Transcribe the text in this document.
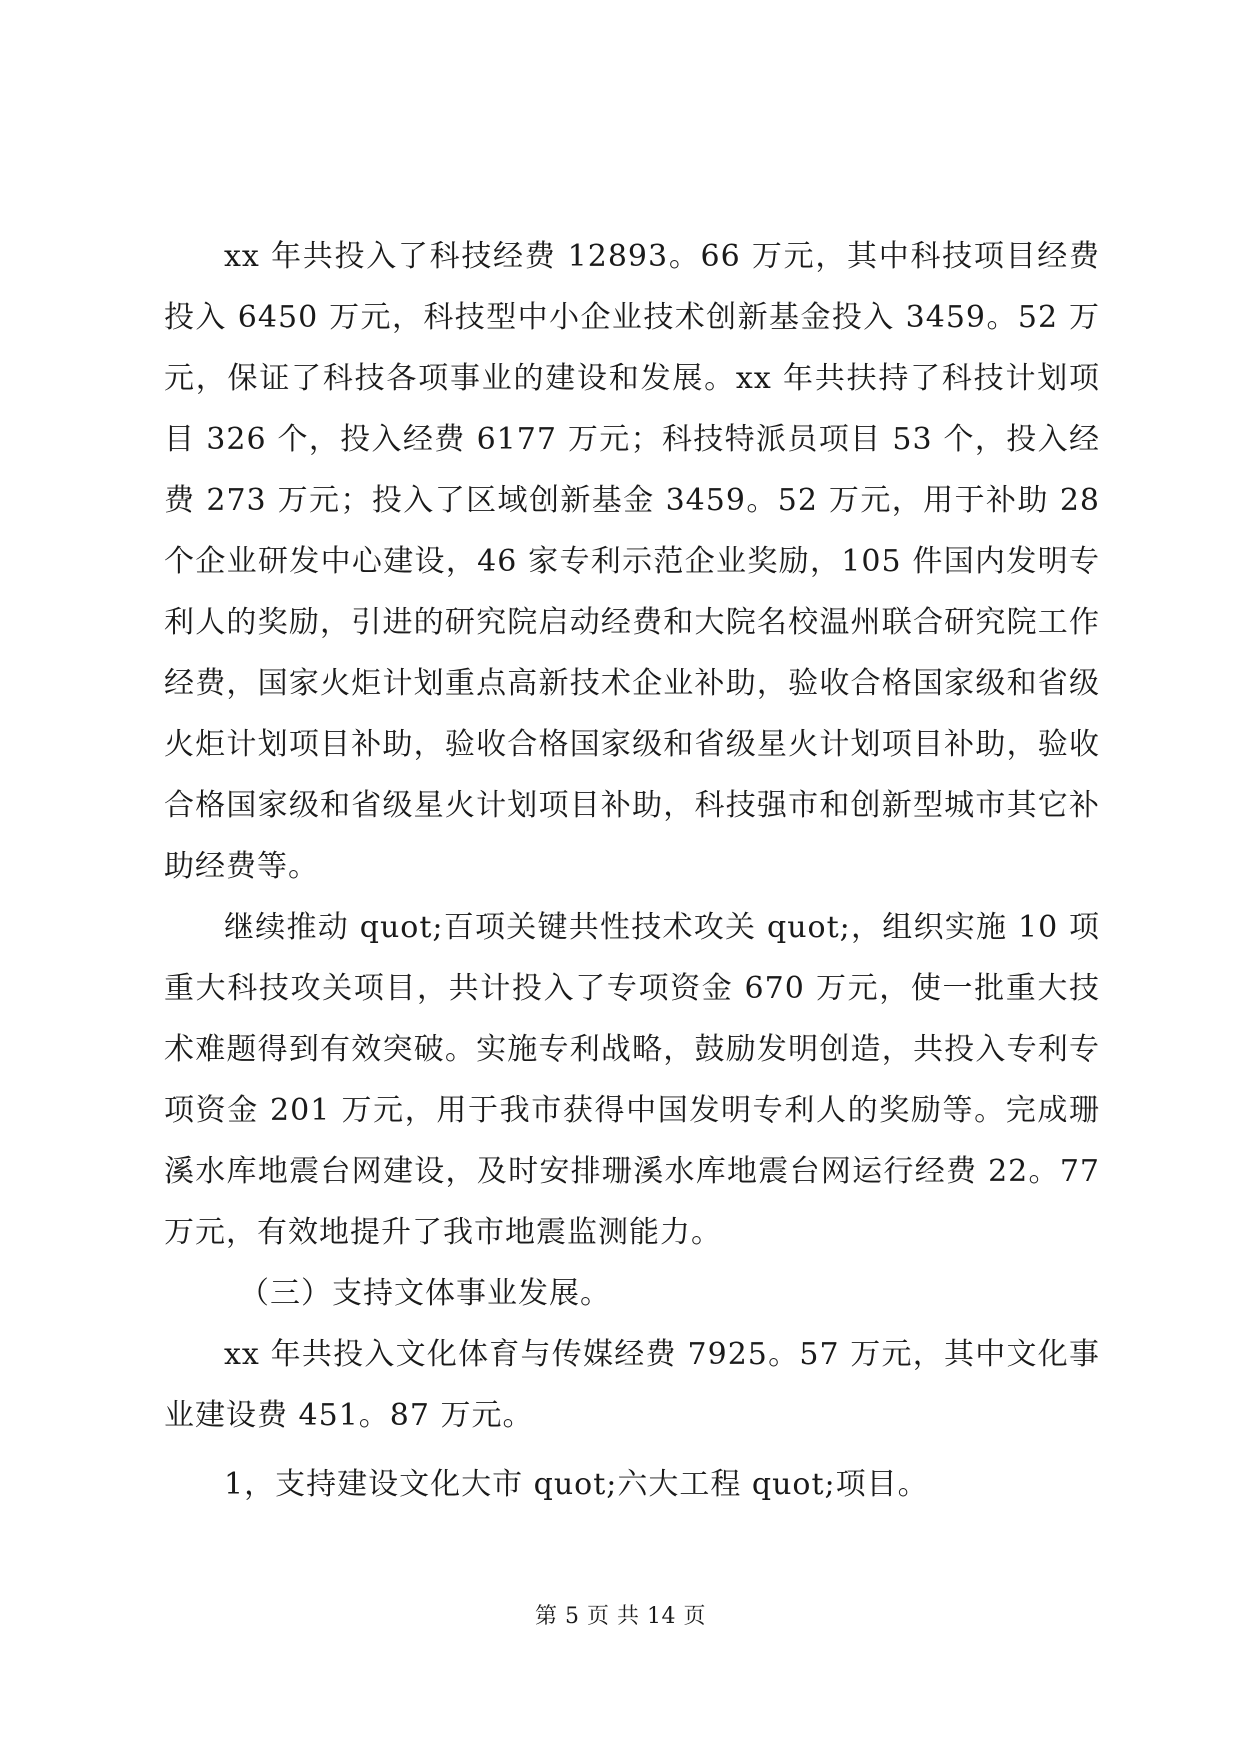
xx 年共投入了科技经费 12893。66 万元，其中科技项目经费投入 6450 万元，科技型中小企业技术创新基金投入 3459。52 万元，保证了科技各项事业的建设和发展。xx 年共扶持了科技计划项目 326 个，投入经费 6177 万元；科技特派员项目 53 个，投入经费 273 万元；投入了区域创新基金 3459。52 万元，用于补助 28 个企业研发中心建设，46 家专利示范企业奖励，105 件国内发明专利人的奖励，引进的研究院启动经费和大院名校温州联合研究院工作经费，国家火炬计划重点高新技术企业补助，验收合格国家级和省级火炬计划项目补助，验收合格国家级和省级星火计划项目补助，验收合格国家级和省级星火计划项目补助，科技强市和创新型城市其它补助经费等。

继续推动 quot;百项关键共性技术攻关 quot;，组织实施 10 项重大科技攻关项目，共计投入了专项资金 670 万元，使一批重大技术难题得到有效突破。实施专利战略，鼓励发明创造，共投入专利专项资金 201 万元，用于我市获得中国发明专利人的奖励等。完成珊溪水库地震台网建设，及时安排珊溪水库地震台网运行经费 22。77 万元，有效地提升了我市地震监测能力。

（三）支持文体事业发展。

xx 年共投入文化体育与传媒经费 7925。57 万元，其中文化事业建设费 451。87 万元。

1，支持建设文化大市 quot;六大工程 quot;项目。

第 5 页 共 14 页
